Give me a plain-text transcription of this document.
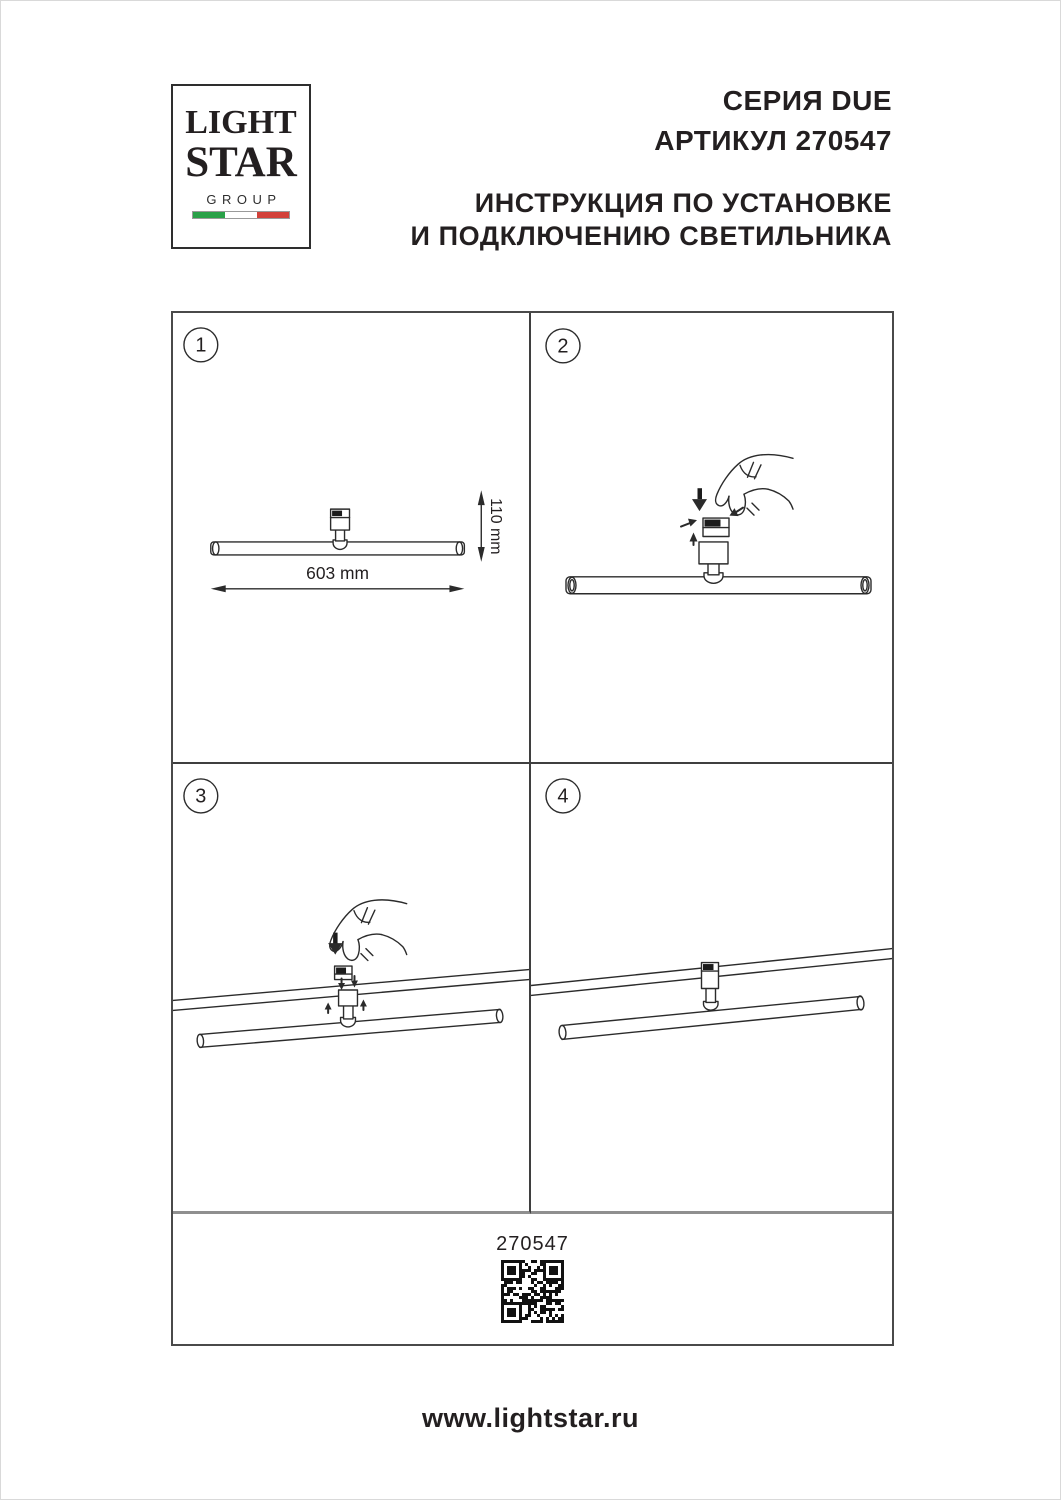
LIGHT
STAR
GROUP
СЕРИЯ DUE
АРТИКУЛ 270547
ИНСТРУКЦИЯ ПО УСТАНОВКЕ
И ПОДКЛЮЧЕНИЮ СВЕТИЛЬНИКА
1
603 mm
110 mm
2
3	4
270547
www.lightstar.ru
